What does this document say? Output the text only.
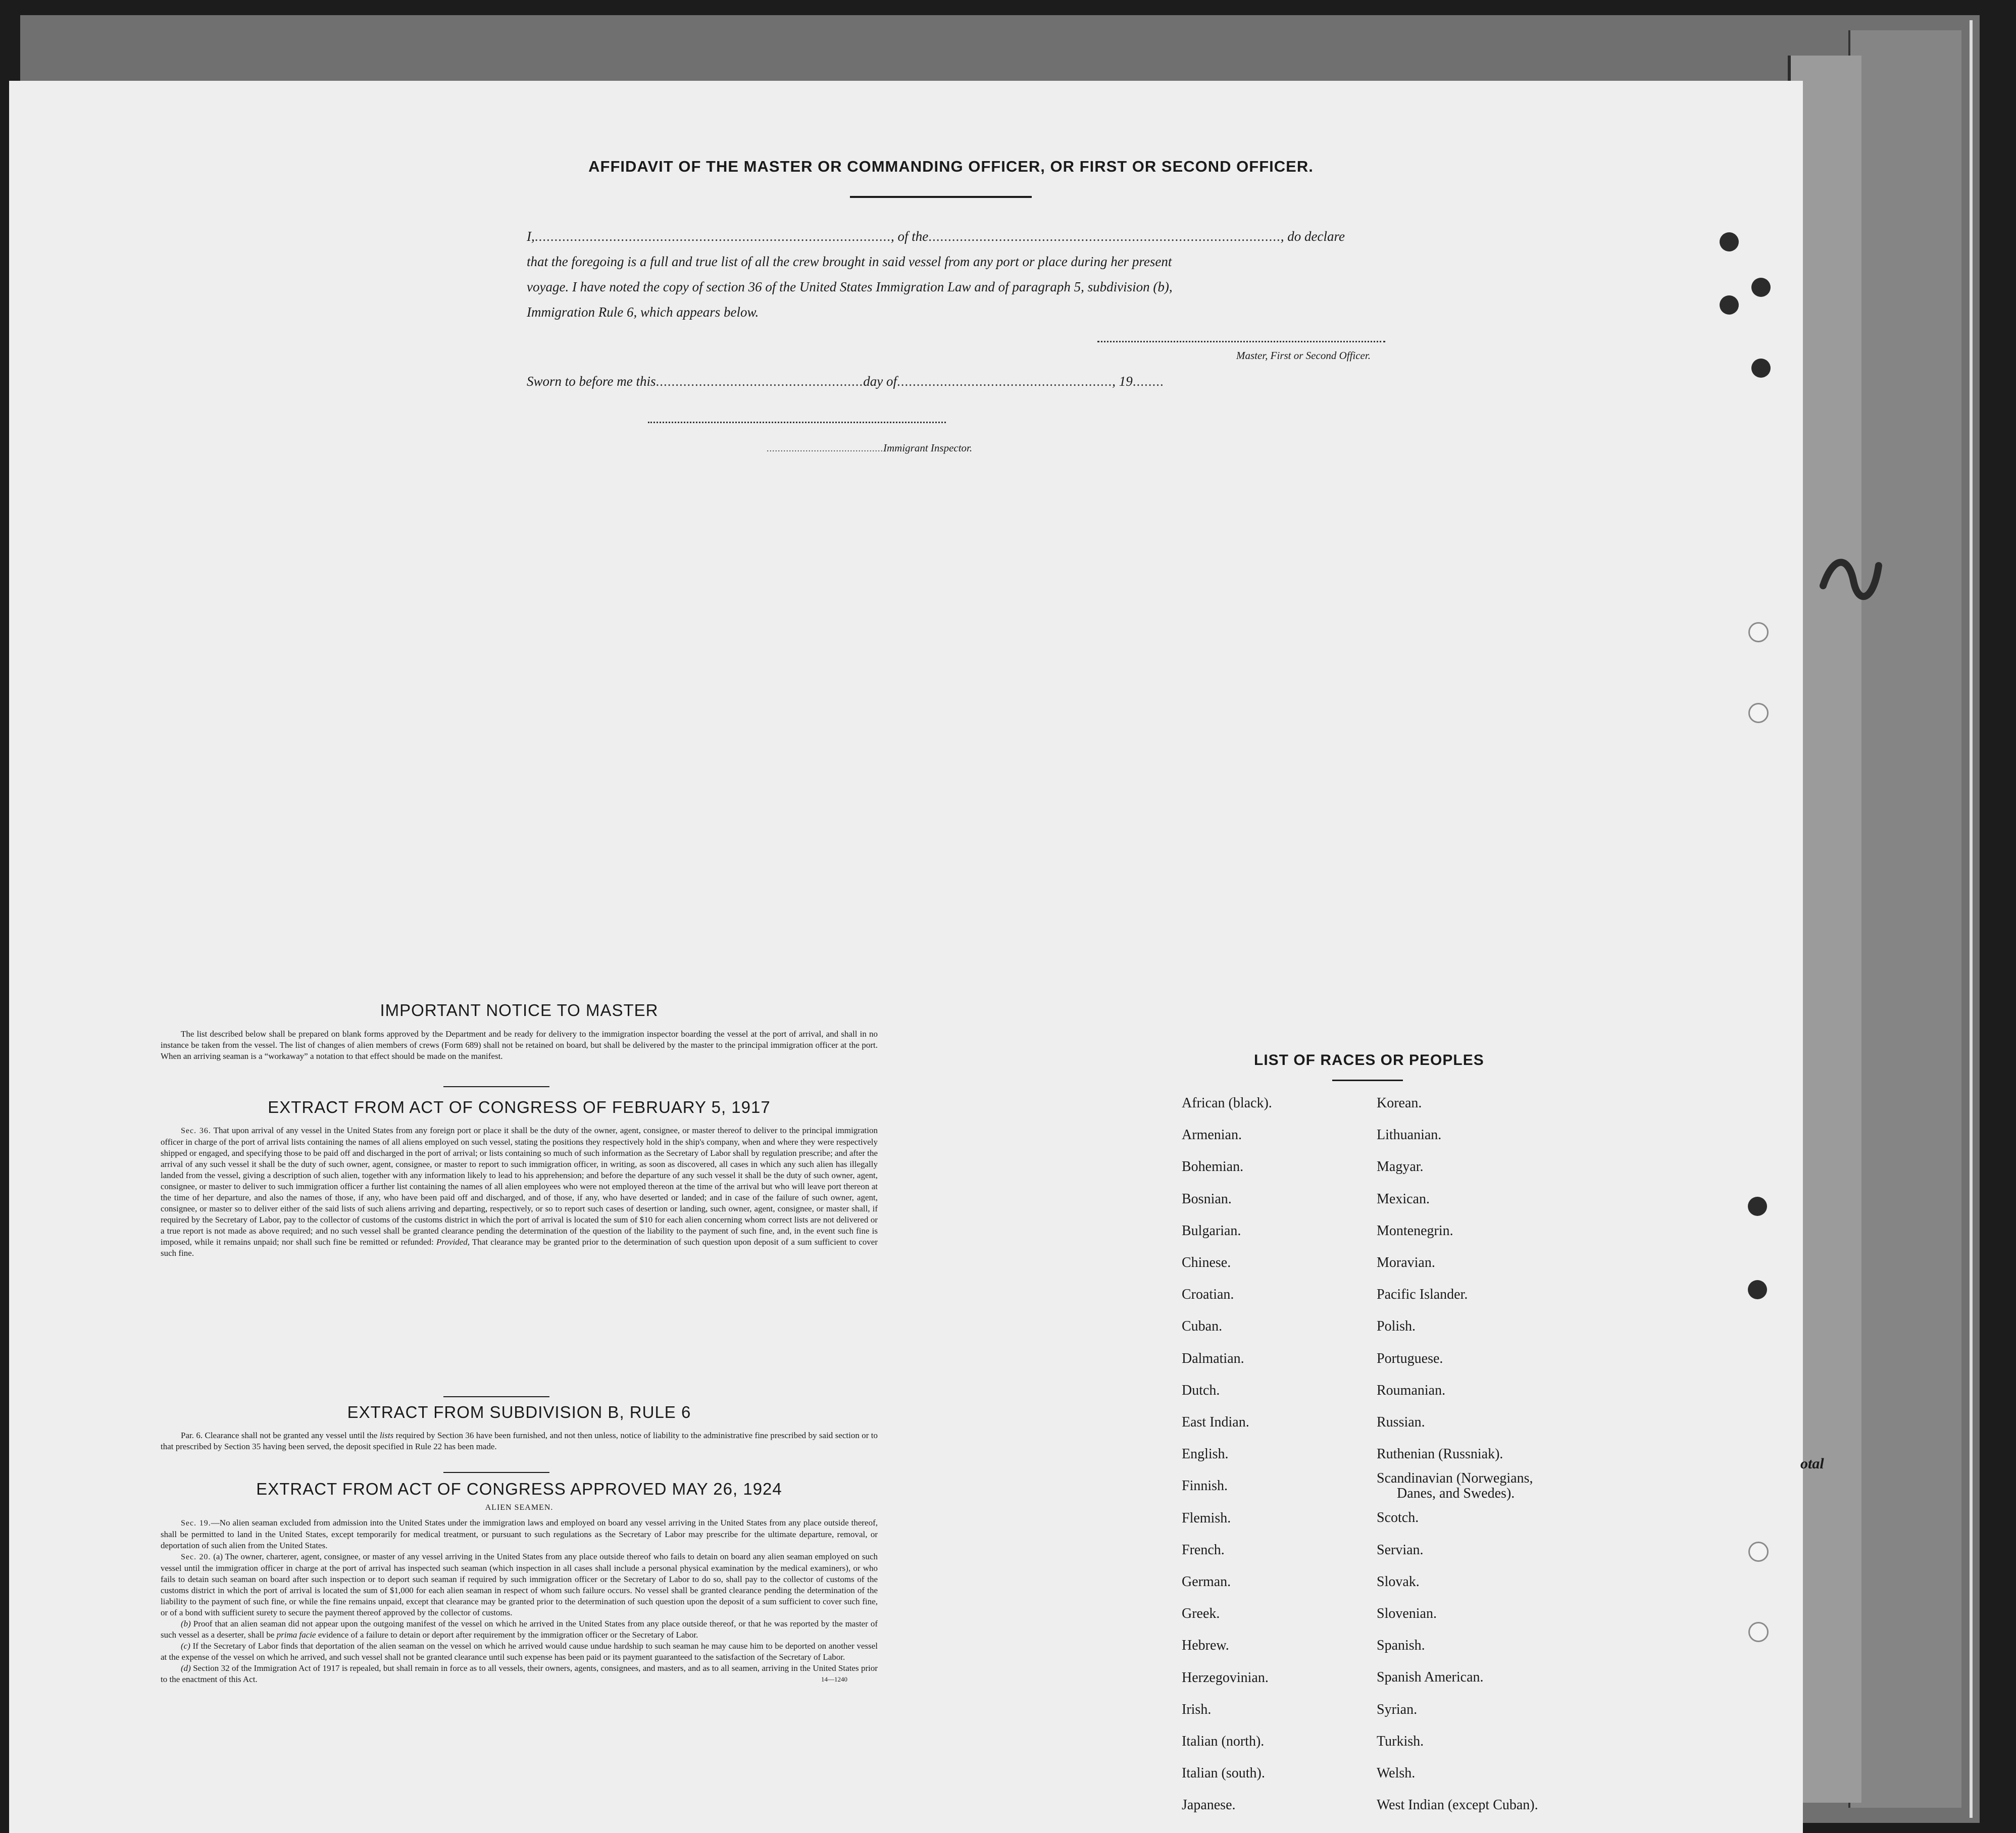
AFFIDAVIT OF THE MASTER OR COMMANDING OFFICER, OR FIRST OR SECOND OFFICER.
I,..........................................................................................., of the.........................................................................................., do declare
that the foregoing is a full and true list of all the crew brought in said vessel from any port or place during her present
voyage. I have noted the copy of section 36 of the United States Immigration Law and of paragraph 5, subdivision (b),
Immigration Rule 6, which appears below.
Master, First or Second Officer.
Sworn to before me this.....................................................day of......................................................., 19........
..........................................Immigrant Inspector.
IMPORTANT NOTICE TO MASTER
The list described below shall be prepared on blank forms approved by the Department and be ready for delivery to the immigration inspector boarding the vessel at the port of arrival, and shall in no instance be taken from the vessel. The list of changes of alien members of crews (Form 689) shall not be retained on board, but shall be delivered by the master to the principal immigration officer at the port. When an arriving seaman is a “workaway” a notation to that effect should be made on the manifest.
EXTRACT FROM ACT OF CONGRESS OF FEBRUARY 5, 1917

Sec. 36. That upon arrival of any vessel in the United States from any foreign port or place it shall be the duty of the owner, agent, consignee, or master thereof to deliver to the principal immigration officer in charge of the port of arrival lists containing the names of all aliens employed on such vessel, stating the positions they respectively hold in the ship's company, when and where they were respectively shipped or engaged, and specifying those to be paid off and discharged in the port of arrival; or lists containing so much of such information as the Secretary of Labor shall by regulation prescribe; and after the arrival of any such vessel it shall be the duty of such owner, agent, consignee, or master to report to such immigration officer, in writing, as soon as discovered, all cases in which any such alien has illegally landed from the vessel, giving a description of such alien, together with any information likely to lead to his apprehension; and before the departure of any such vessel it shall be the duty of such owner, agent, consignee, or master to deliver to such immigration officer a further list containing the names of all alien employees who were not employed thereon at the time of the arrival but who will leave port thereon at the time of her departure, and also the names of those, if any, who have been paid off and discharged, and of those, if any, who have deserted or landed; and in case of the failure of such owner, agent, consignee, or master so to deliver either of the said lists of such aliens arriving and departing, respectively, or so to report such cases of desertion or landing, such owner, agent, consignee, or master shall, if required by the Secretary of Labor, pay to the collector of customs of the customs district in which the port of arrival is located the sum of $10 for each alien concerning whom correct lists are not delivered or a true report is not made as above required; and no such vessel shall be granted clearance pending the determination of the question of the liability to the payment of such fine, and, in the event such fine is imposed, while it remains unpaid; nor shall such fine be remitted or refunded: Provided, That clearance may be granted prior to the determination of such question upon deposit of a sum sufficient to cover such fine.

EXTRACT FROM SUBDIVISION B, RULE 6

Par. 6. Clearance shall not be granted any vessel until the lists required by Section 36 have been furnished, and not then unless, notice of liability to the administrative fine prescribed by said section or to that prescribed by Section 35 having been served, the deposit specified in Rule 22 has been made.

EXTRACT FROM ACT OF CONGRESS APPROVED MAY 26, 1924
ALIEN SEAMEN.

Sec. 19.—No alien seaman excluded from admission into the United States under the immigration laws and employed on board any vessel arriving in the United States from any place outside thereof, shall be permitted to land in the United States, except temporarily for medical treatment, or pursuant to such regulations as the Secretary of Labor may prescribe for the ultimate departure, removal, or deportation of such alien from the United States.

Sec. 20. (a) The owner, charterer, agent, consignee, or master of any vessel arriving in the United States from any place outside thereof who fails to detain on board any alien seaman employed on such vessel until the immigration officer in charge at the port of arrival has inspected such seaman (which inspection in all cases shall include a personal physical examination by the medical examiners), or who fails to detain such seaman on board after such inspection or to deport such seaman if required by such immigration officer or the Secretary of Labor to do so, shall pay to the collector of customs of the customs district in which the port of arrival is located the sum of $1,000 for each alien seaman in respect of whom such failure occurs. No vessel shall be granted clearance pending the determination of the liability to the payment of such fine, or while the fine remains unpaid, except that clearance may be granted prior to the determination of such question upon the deposit of a sum sufficient to cover such fine, or of a bond with sufficient surety to secure the payment thereof approved by the collector of customs.

(b) Proof that an alien seaman did not appear upon the outgoing manifest of the vessel on which he arrived in the United States from any place outside thereof, or that he was reported by the master of such vessel as a deserter, shall be prima facie evidence of a failure to detain or deport after requirement by the immigration officer or the Secretary of Labor.

(c) If the Secretary of Labor finds that deportation of the alien seaman on the vessel on which he arrived would cause undue hardship to such seaman he may cause him to be deported on another vessel at the expense of the vessel on which he arrived, and such vessel shall not be granted clearance until such expense has been paid or its payment guaranteed to the satisfaction of the Secretary of Labor.

(d) Section 32 of the Immigration Act of 1917 is repealed, but shall remain in force as to all vessels, their owners, agents, consignees, and masters, and as to all seamen, arriving in the United States prior to the enactment of this Act.	14—1240

LIST OF RACES OR PEOPLES
African (black).
Armenian.
Bohemian.
Bosnian.
Bulgarian.
Chinese.
Croatian.
Cuban.
Dalmatian.
Dutch.
East Indian.
English.
Finnish.
Flemish.
French.
German.
Greek.
Hebrew.
Herzegovinian.
Irish.
Italian (north).
Italian (south).
Japanese.
Korean.
Lithuanian.
Magyar.
Mexican.
Montenegrin.
Moravian.
Pacific Islander.
Polish.
Portuguese.
Roumanian.
Russian.
Ruthenian (Russniak).
Scandinavian (Norwegians,
Danes, and Swedes).
Scotch.
Servian.
Slovak.
Slovenian.
Spanish.
Spanish American.
Syrian.
Turkish.
Welsh.
West Indian (except Cuban).
otal
